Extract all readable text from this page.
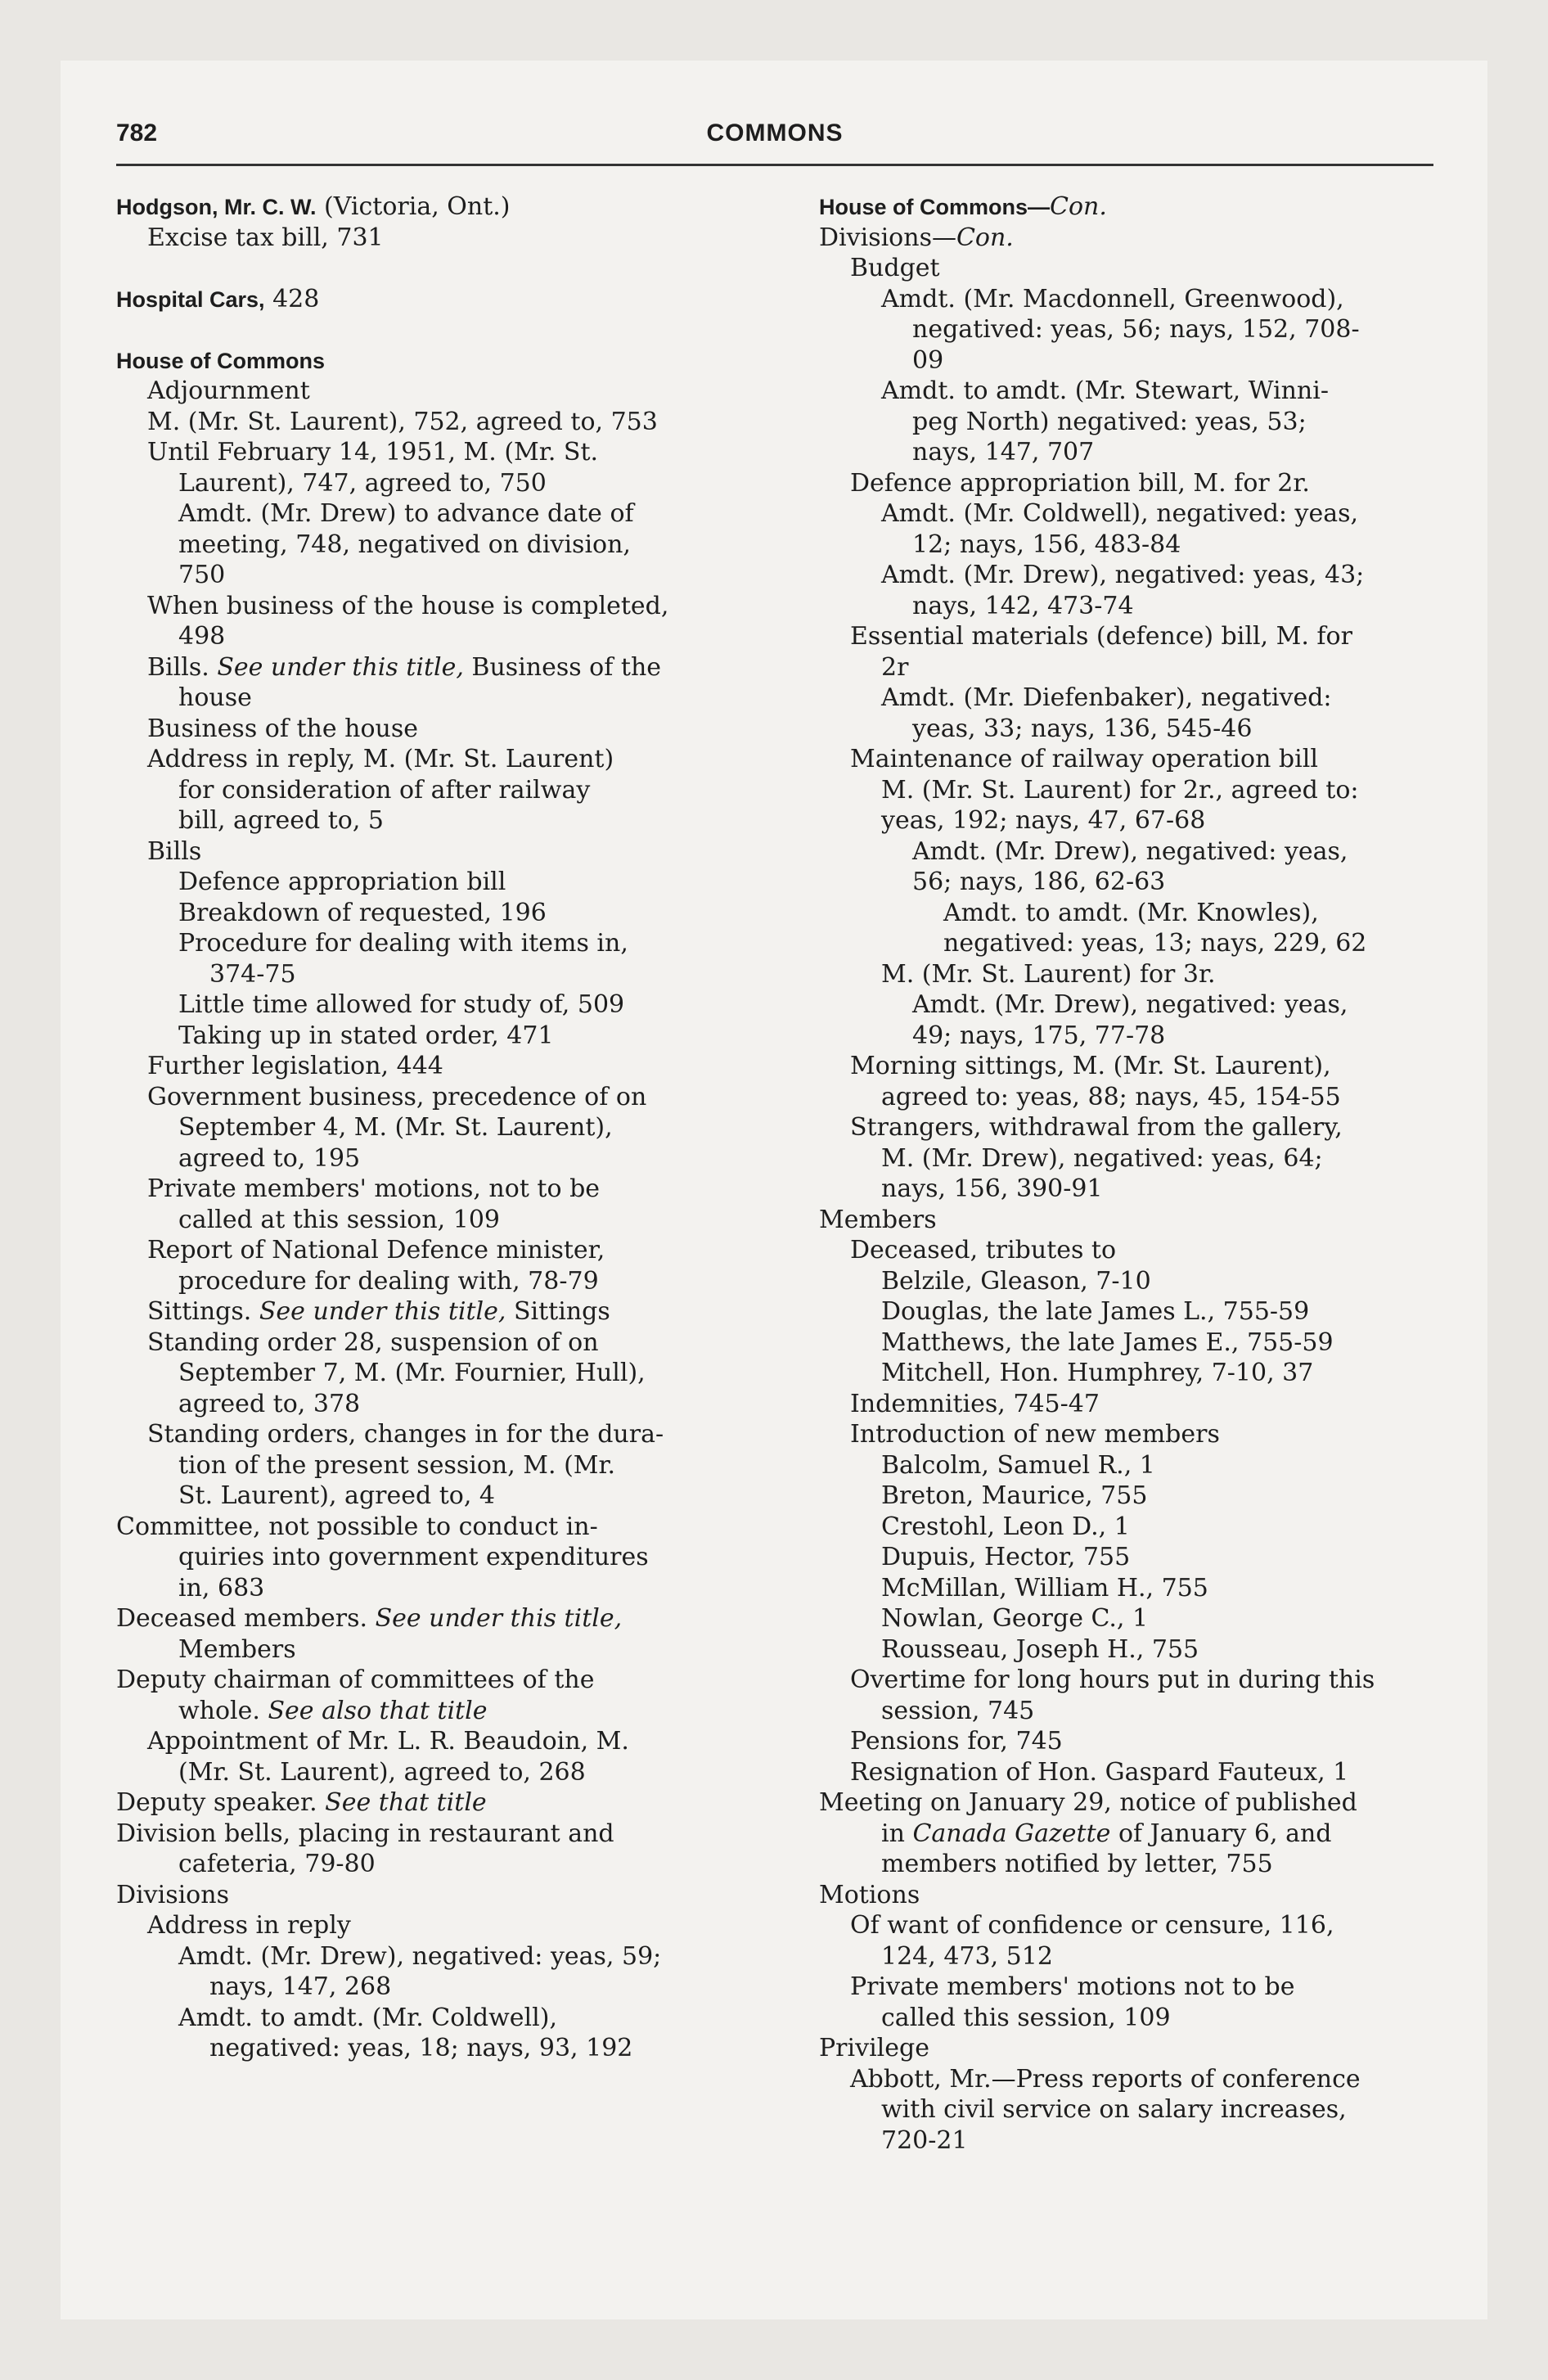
782	COMMONS
Hodgson, Mr. C. W. (Victoria, Ont.)
Excise tax bill, 731
Hospital Cars, 428
House of Commons
Adjournment
M. (Mr. St. Laurent), 752, agreed to, 753
Until February 14, 1951, M. (Mr. St.
Laurent), 747, agreed to, 750
Amdt. (Mr. Drew) to advance date of
meeting, 748, negatived on division,
750
When business of the house is completed,
498
Bills. See under this title, Business of the
house
Business of the house
Address in reply, M. (Mr. St. Laurent)
for consideration of after railway
bill, agreed to, 5
Bills
Defence appropriation bill
Breakdown of requested, 196
Procedure for dealing with items in,
374-75
Little time allowed for study of, 509
Taking up in stated order, 471
Further legislation, 444
Government business, precedence of on
September 4, M. (Mr. St. Laurent),
agreed to, 195
Private members' motions, not to be
called at this session, 109
Report of National Defence minister,
procedure for dealing with, 78-79
Sittings. See under this title, Sittings
Standing order 28, suspension of on
September 7, M. (Mr. Fournier, Hull),
agreed to, 378
Standing orders, changes in for the dura-
tion of the present session, M. (Mr.
St. Laurent), agreed to, 4
Committee, not possible to conduct in-
quiries into government expenditures
in, 683
Deceased members. See under this title,
Members
Deputy chairman of committees of the
whole. See also that title
Appointment of Mr. L. R. Beaudoin, M.
(Mr. St. Laurent), agreed to, 268
Deputy speaker. See that title
Division bells, placing in restaurant and
cafeteria, 79-80
Divisions
Address in reply
Amdt. (Mr. Drew), negatived: yeas, 59;
nays, 147, 268
Amdt. to amdt. (Mr. Coldwell),
negatived: yeas, 18; nays, 93, 192
House of Commons—Con.
Divisions—Con.
Budget
Amdt. (Mr. Macdonnell, Greenwood),
negatived: yeas, 56; nays, 152, 708-
09
Amdt. to amdt. (Mr. Stewart, Winni-
peg North) negatived: yeas, 53;
nays, 147, 707
Defence appropriation bill, M. for 2r.
Amdt. (Mr. Coldwell), negatived: yeas,
12; nays, 156, 483-84
Amdt. (Mr. Drew), negatived: yeas, 43;
nays, 142, 473-74
Essential materials (defence) bill, M. for
2r
Amdt. (Mr. Diefenbaker), negatived:
yeas, 33; nays, 136, 545-46
Maintenance of railway operation bill
M. (Mr. St. Laurent) for 2r., agreed to:
yeas, 192; nays, 47, 67-68
Amdt. (Mr. Drew), negatived: yeas,
56; nays, 186, 62-63
Amdt. to amdt. (Mr. Knowles),
negatived: yeas, 13; nays, 229, 62
M. (Mr. St. Laurent) for 3r.
Amdt. (Mr. Drew), negatived: yeas,
49; nays, 175, 77-78
Morning sittings, M. (Mr. St. Laurent),
agreed to: yeas, 88; nays, 45, 154-55
Strangers, withdrawal from the gallery,
M. (Mr. Drew), negatived: yeas, 64;
nays, 156, 390-91
Members
Deceased, tributes to
Belzile, Gleason, 7-10
Douglas, the late James L., 755-59
Matthews, the late James E., 755-59
Mitchell, Hon. Humphrey, 7-10, 37
Indemnities, 745-47
Introduction of new members
Balcolm, Samuel R., 1
Breton, Maurice, 755
Crestohl, Leon D., 1
Dupuis, Hector, 755
McMillan, William H., 755
Nowlan, George C., 1
Rousseau, Joseph H., 755
Overtime for long hours put in during this
session, 745
Pensions for, 745
Resignation of Hon. Gaspard Fauteux, 1
Meeting on January 29, notice of published
in Canada Gazette of January 6, and
members notified by letter, 755
Motions
Of want of confidence or censure, 116,
124, 473, 512
Private members' motions not to be
called this session, 109
Privilege
Abbott, Mr.—Press reports of conference
with civil service on salary increases,
720-21
